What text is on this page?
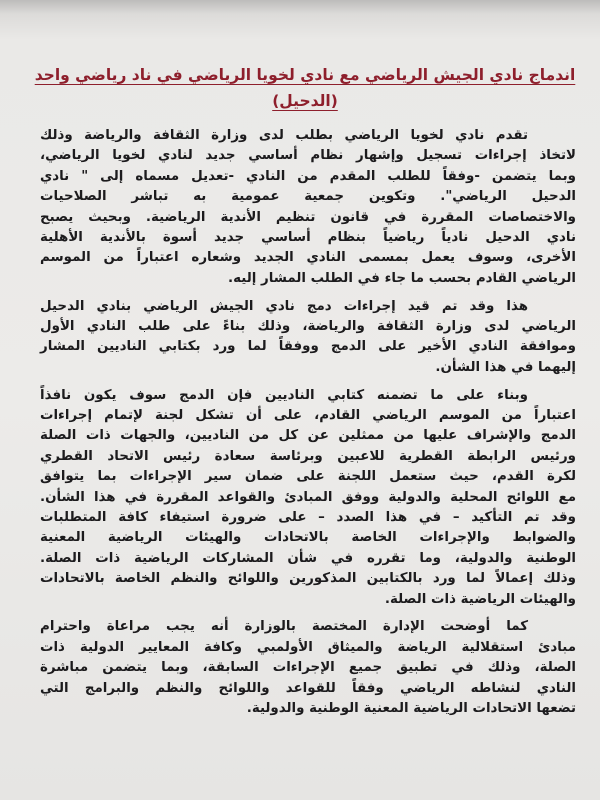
اندماج نادي الجيش الرياضي مع نادي لخويا الرياضي في ناد رياضي واحد
(الدحيل)
تقدم نادي لخويا الرياضي بطلب لدى وزارة الثقافة والرياضة وذلك
لاتخاذ إجراءات تسجيل وإشهار نظام أساسي جديد لنادي لخويا الرياضي،
وبما يتضمن -وفقاً للطلب المقدم من النادي -تعديل مسماه إلى " نادي
الدحيل الرياضي". وتكوين جمعية عمومية به تباشر الصلاحيات
والاختصاصات المقررة في قانون تنظيم الأندية الرياضية. وبحيث يصبح
نادي الدحيل نادياً رياضياً بنظام أساسي جديد أسوة بالأندية الأهلية
الأخرى، وسوف يعمل بمسمى النادي الجديد وشعاره اعتباراً من الموسم
الرياضي القادم بحسب ما جاء في الطلب المشار إليه.
هذا وقد تم قيد إجراءات دمج نادي الجيش الرياضي بنادي الدحيل
الرياضي لدى وزارة الثقافة والرياضة، وذلك بناءً على طلب النادي الأول
وموافقة النادي الأخير على الدمج ووفقاً لما ورد بكتابي الناديين المشار
إليهما في هذا الشأن.
وبناء على ما تضمنه كتابي الناديين فإن الدمج سوف يكون نافذاً
اعتباراً من الموسم الرياضي القادم، على أن تشكل لجنة لإتمام إجراءات
الدمج والإشراف عليها من ممثلين عن كل من الناديين، والجهات ذات الصلة
ورئيس الرابطة القطرية للاعبين وبرئاسة سعادة رئيس الاتحاد القطري
لكرة القدم، حيث ستعمل اللجنة على ضمان سير الإجراءات بما يتوافق
مع اللوائح المحلية والدولية ووفق المبادئ والقواعد المقررة في هذا الشأن.
وقد تم التأكيد – في هذا الصدد – على ضرورة استيفاء كافة المتطلبات
والضوابط والإجراءات الخاصة بالاتحادات والهيئات الرياضية المعنية
الوطنية والدولية، وما تقرره في شأن المشاركات الرياضية ذات الصلة.
وذلك إعمالاً لما ورد بالكتابين المذكورين واللوائح والنظم الخاصة بالاتحادات
والهيئات الرياضية ذات الصلة.
كما أوضحت الإدارة المختصة بالوزارة أنه يجب مراعاة واحترام
مبادئ استقلالية الرياضة والميثاق الأولمبي وكافة المعايير الدولية ذات
الصلة، وذلك في تطبيق جميع الإجراءات السابقة، وبما يتضمن مباشرة
النادي لنشاطه الرياضي وفقاً للقواعد واللوائح والنظم والبرامج التي
تضعها الاتحادات الرياضية المعنية الوطنية والدولية.
